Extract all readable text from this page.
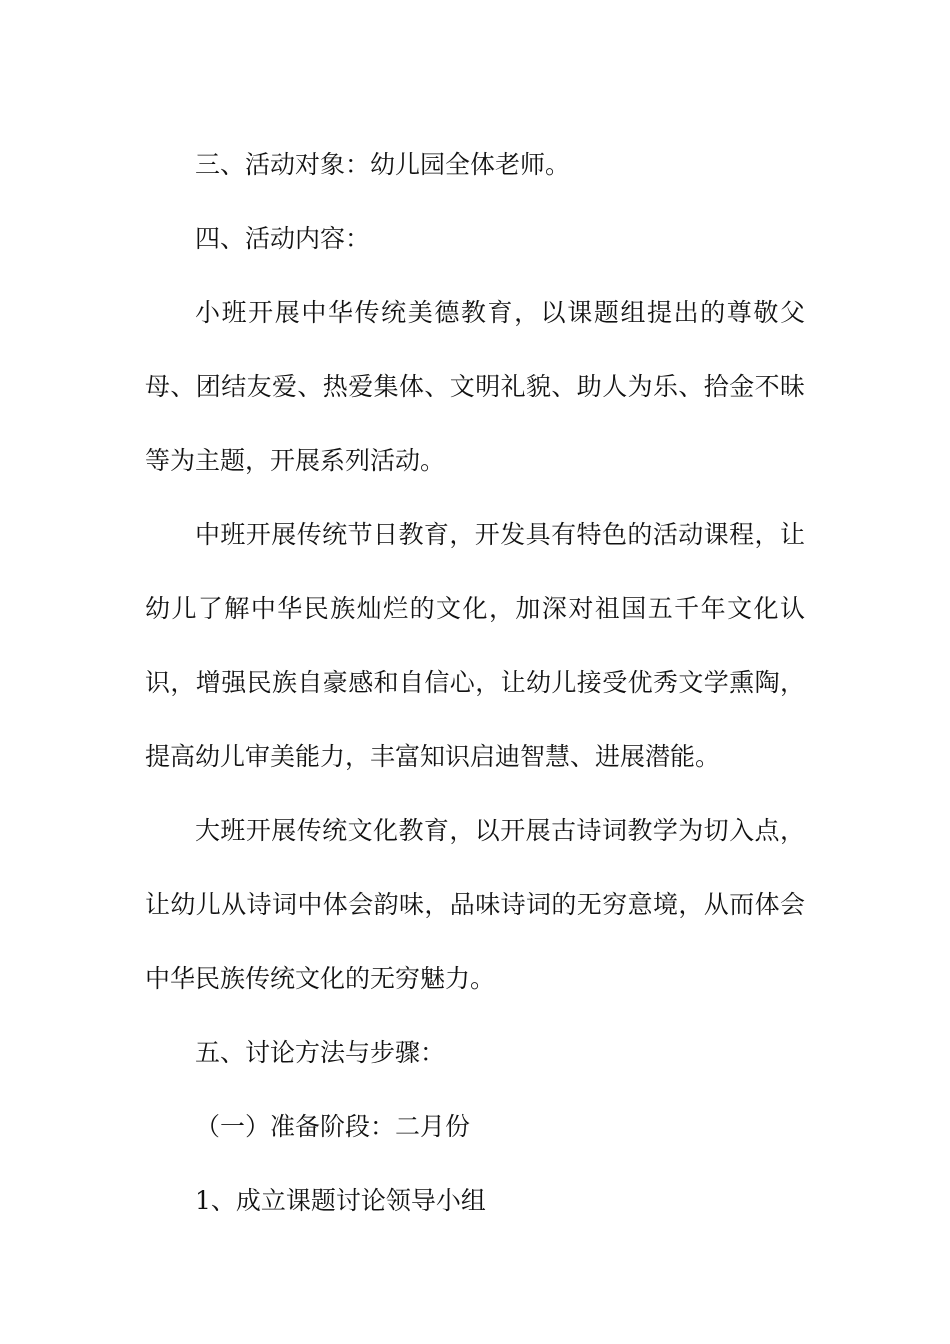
三、活动对象：幼儿园全体老师。

四、活动内容：

小班开展中华传统美德教育，以课题组提出的尊敬父母、团结友爱、热爱集体、文明礼貌、助人为乐、拾金不昧等为主题，开展系列活动。

中班开展传统节日教育，开发具有特色的活动课程，让幼儿了解中华民族灿烂的文化，加深对祖国五千年文化认识，增强民族自豪感和自信心，让幼儿接受优秀文学熏陶，提高幼儿审美能力，丰富知识启迪智慧、进展潜能。

大班开展传统文化教育，以开展古诗词教学为切入点，让幼儿从诗词中体会韵味，品味诗词的无穷意境，从而体会中华民族传统文化的无穷魅力。

五、讨论方法与步骤：

（一）准备阶段：二月份

1、成立课题讨论领导小组
